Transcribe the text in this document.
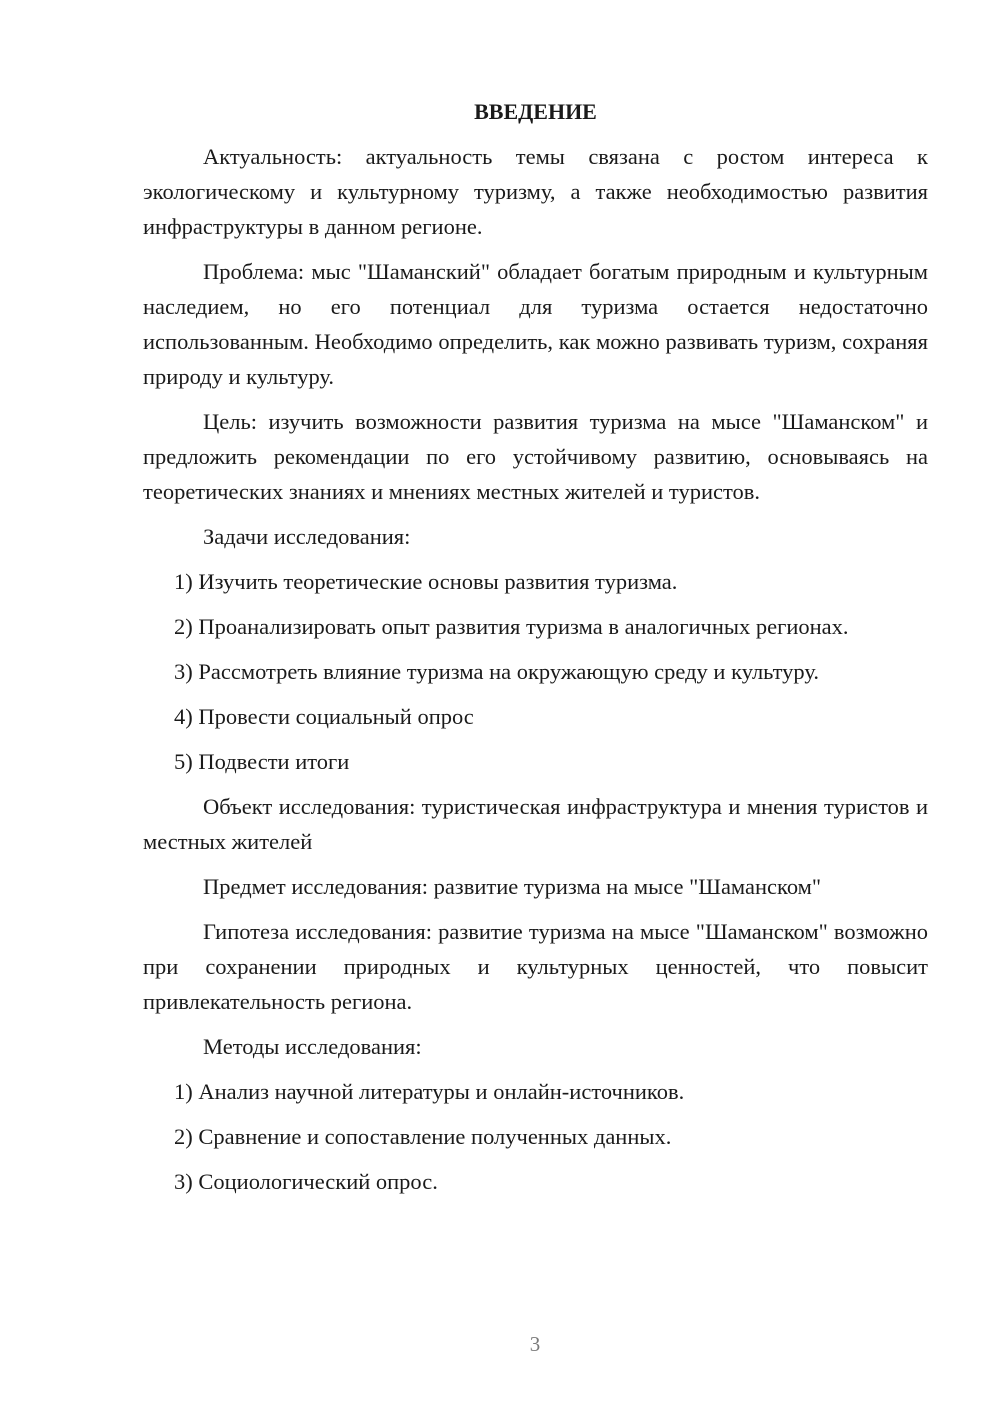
ВВЕДЕНИЕ

Актуальность: актуальность темы связана с ростом интереса к экологическому и культурному туризму, а также необходимостью развития инфраструктуры в данном регионе.

Проблема: мыс "Шаманский" обладает богатым природным и культурным наследием, но его потенциал для туризма остается недостаточно использованным. Необходимо определить, как можно развивать туризм, сохраняя природу и культуру.

Цель: изучить возможности развития туризма на мысе "Шаманском" и предложить рекомендации по его устойчивому развитию, основываясь на теоретических знаниях и мнениях местных жителей и туристов.

Задачи исследования:

1) Изучить теоретические основы развития туризма.
2) Проанализировать опыт развития туризма в аналогичных регионах.
3) Рассмотреть влияние туризма на окружающую среду и культуру.
4) Провести социальный опрос
5) Подвести итоги

Объект исследования: туристическая инфраструктура и мнения туристов и местных жителей

Предмет исследования: развитие туризма на мысе "Шаманском"

Гипотеза исследования: развитие туризма на мысе "Шаманском" возможно при сохранении природных и культурных ценностей, что повысит привлекательность региона.

Методы исследования:

1) Анализ научной литературы и онлайн-источников.
2) Сравнение и сопоставление полученных данных.
3) Социологический опрос.
3
